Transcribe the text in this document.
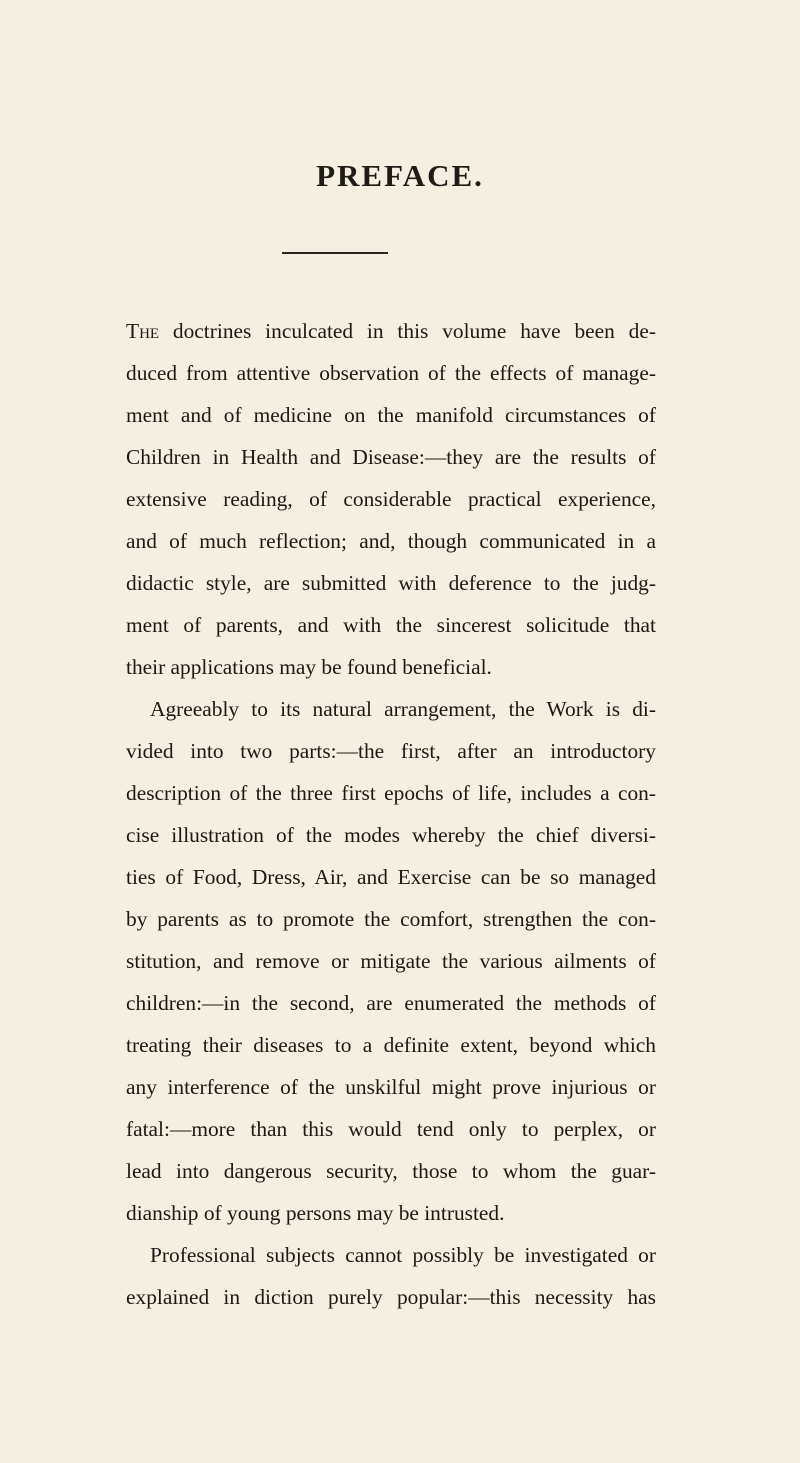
PREFACE.
The doctrines inculcated in this volume have been de-
duced from attentive observation of the effects of manage-
ment and of medicine on the manifold circumstances of
Children in Health and Disease:—they are the results of
extensive reading, of considerable practical experience,
and of much reflection; and, though communicated in a
didactic style, are submitted with deference to the judg-
ment of parents, and with the sincerest solicitude that
their applications may be found beneficial.
Agreeably to its natural arrangement, the Work is di-
vided into two parts:—the first, after an introductory
description of the three first epochs of life, includes a con-
cise illustration of the modes whereby the chief diversi-
ties of Food, Dress, Air, and Exercise can be so managed
by parents as to promote the comfort, strengthen the con-
stitution, and remove or mitigate the various ailments of
children:—in the second, are enumerated the methods of
treating their diseases to a definite extent, beyond which
any interference of the unskilful might prove injurious or
fatal:—more than this would tend only to perplex, or
lead into dangerous security, those to whom the guar-
dianship of young persons may be intrusted.
Professional subjects cannot possibly be investigated or
explained in diction purely popular:—this necessity has
